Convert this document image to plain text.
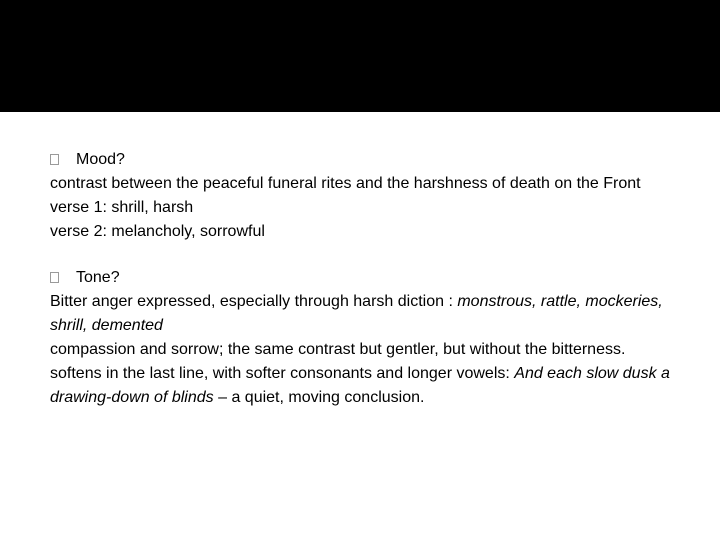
Mood?
contrast between the peaceful funeral rites and the harshness of death on the Front
verse 1: shrill, harsh
verse 2: melancholy, sorrowful
Tone?
Bitter anger expressed, especially through harsh diction : monstrous, rattle, mockeries, shrill, demented
compassion and sorrow; the same contrast but gentler, but without the bitterness.
softens in the last line, with softer consonants and longer vowels: And each slow dusk a drawing-down of blinds – a quiet, moving conclusion.
